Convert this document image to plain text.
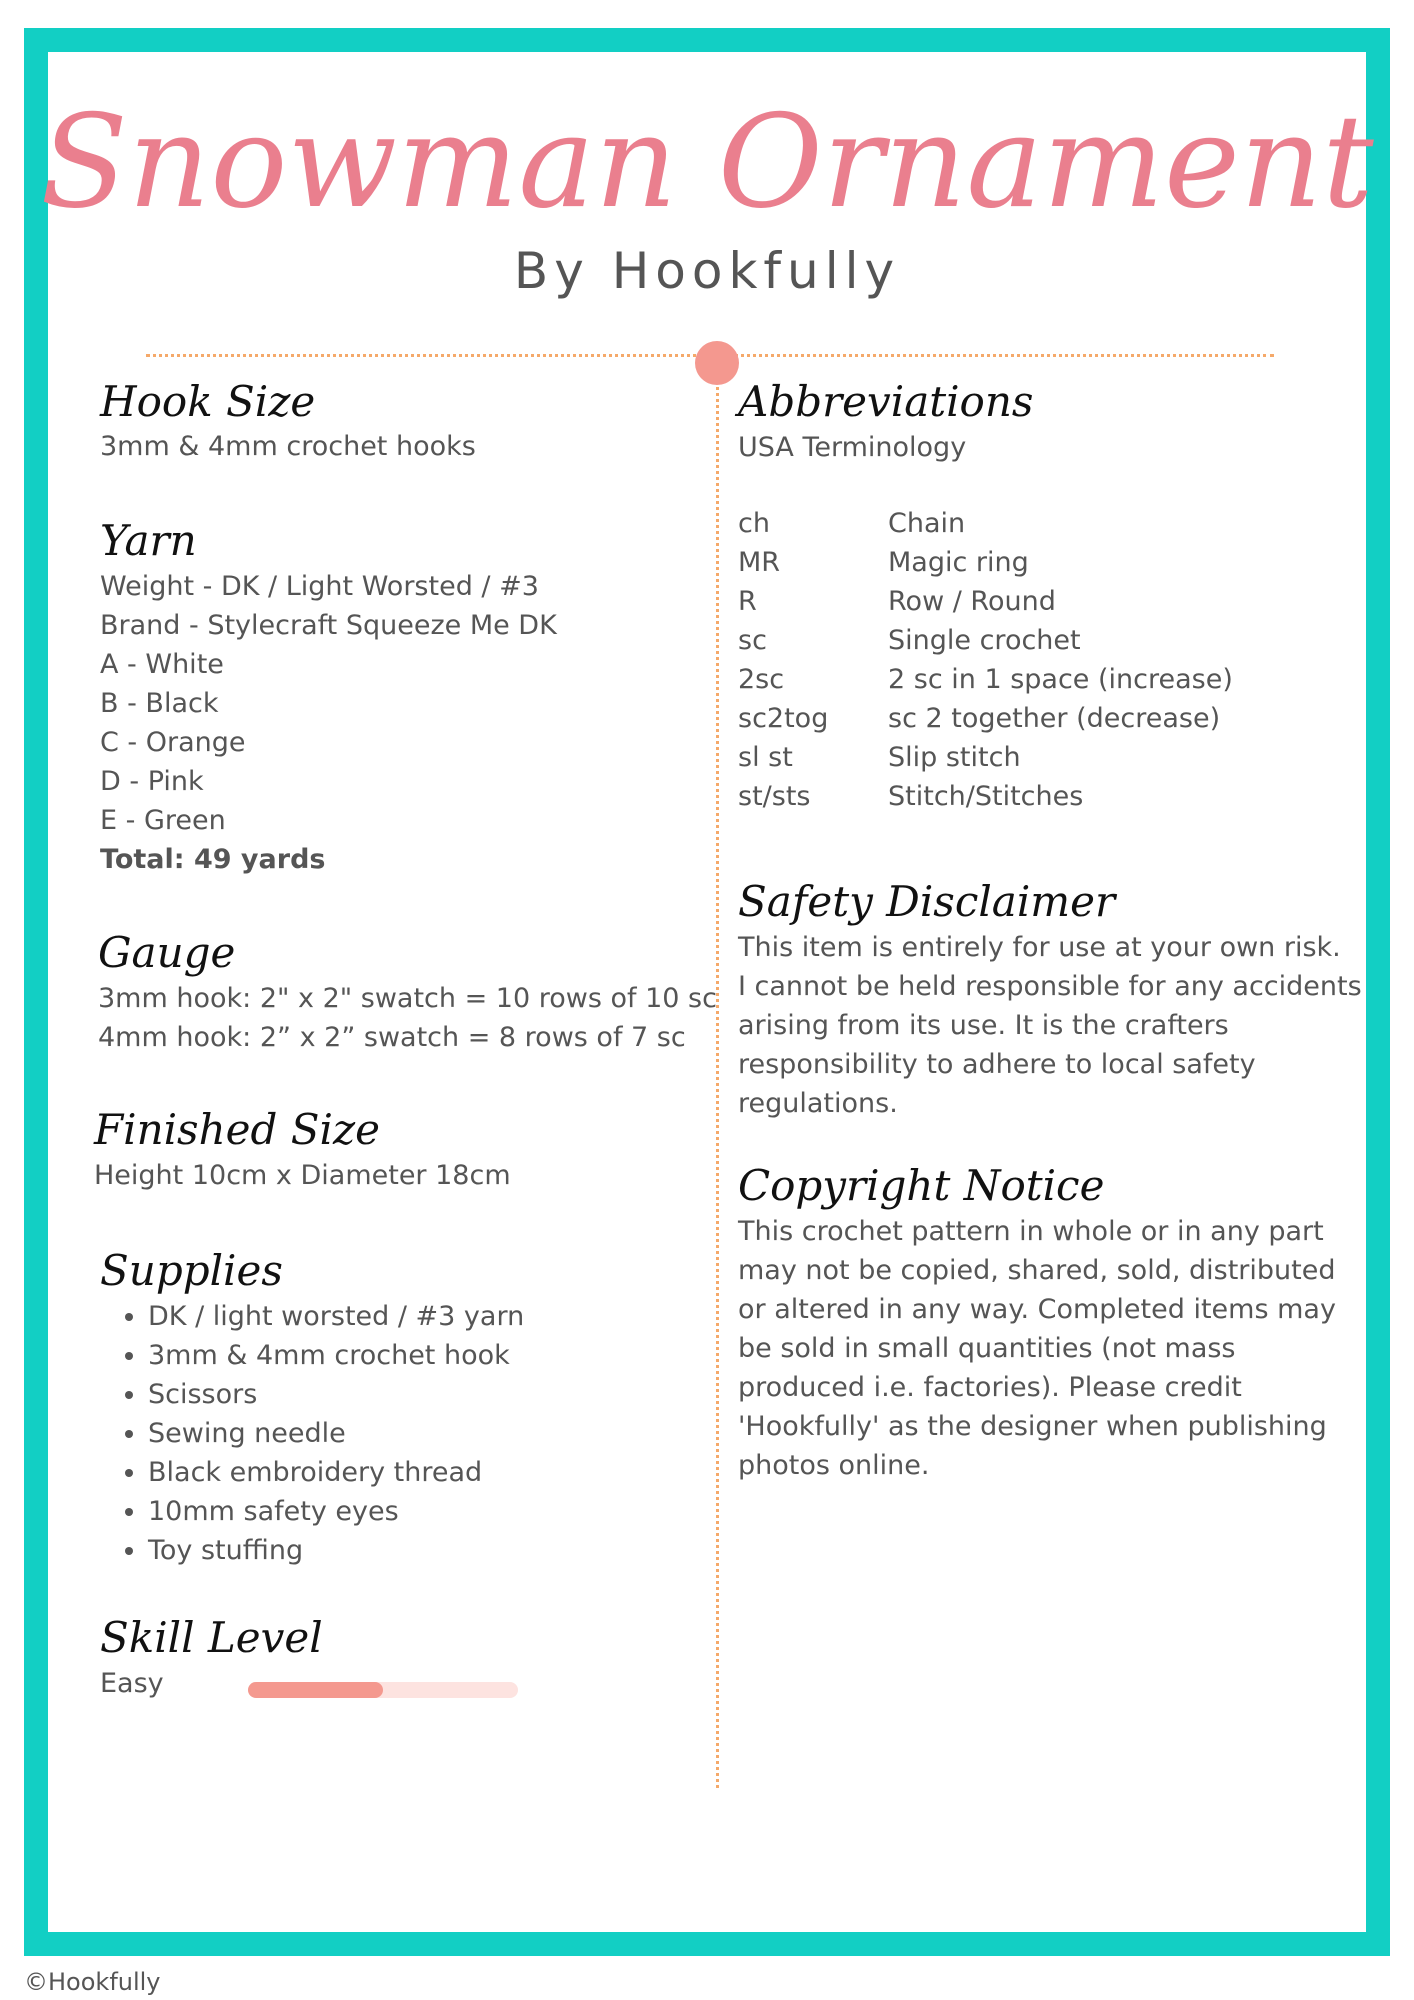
Snowman Ornament
By Hookfully
Hook Size
3mm & 4mm crochet hooks
Yarn
Weight - DK / Light Worsted / #3
Brand - Stylecraft Squeeze Me DK
A - White
B - Black
C - Orange
D - Pink
E - Green
Total: 49 yards
Gauge
3mm hook: 2" x 2" swatch = 10 rows of 10 sc
4mm hook: 2” x 2” swatch = 8 rows of 7 sc
Finished Size
Height 10cm x Diameter 18cm
Supplies
• DK / light worsted / #3 yarn
• 3mm & 4mm crochet hook
• Scissors
• Sewing needle
• Black embroidery thread
• 10mm safety eyes
• Toy stuffing
Skill Level
Easy
Abbreviations
USA Terminology
ch	Chain
MR	Magic ring
R	Row / Round
sc	Single crochet
2sc	2 sc in 1 space (increase)
sc2tog	sc 2 together (decrease)
sl st	Slip stitch
st/sts	Stitch/Stitches
Safety Disclaimer
This item is entirely for use at your own risk.
I cannot be held responsible for any accidents
arising from its use. It is the crafters
responsibility to adhere to local safety
regulations.
Copyright Notice
This crochet pattern in whole or in any part
may not be copied, shared, sold, distributed
or altered in any way. Completed items may
be sold in small quantities (not mass
produced i.e. factories). Please credit
'Hookfully' as the designer when publishing
photos online.
©Hookfully
